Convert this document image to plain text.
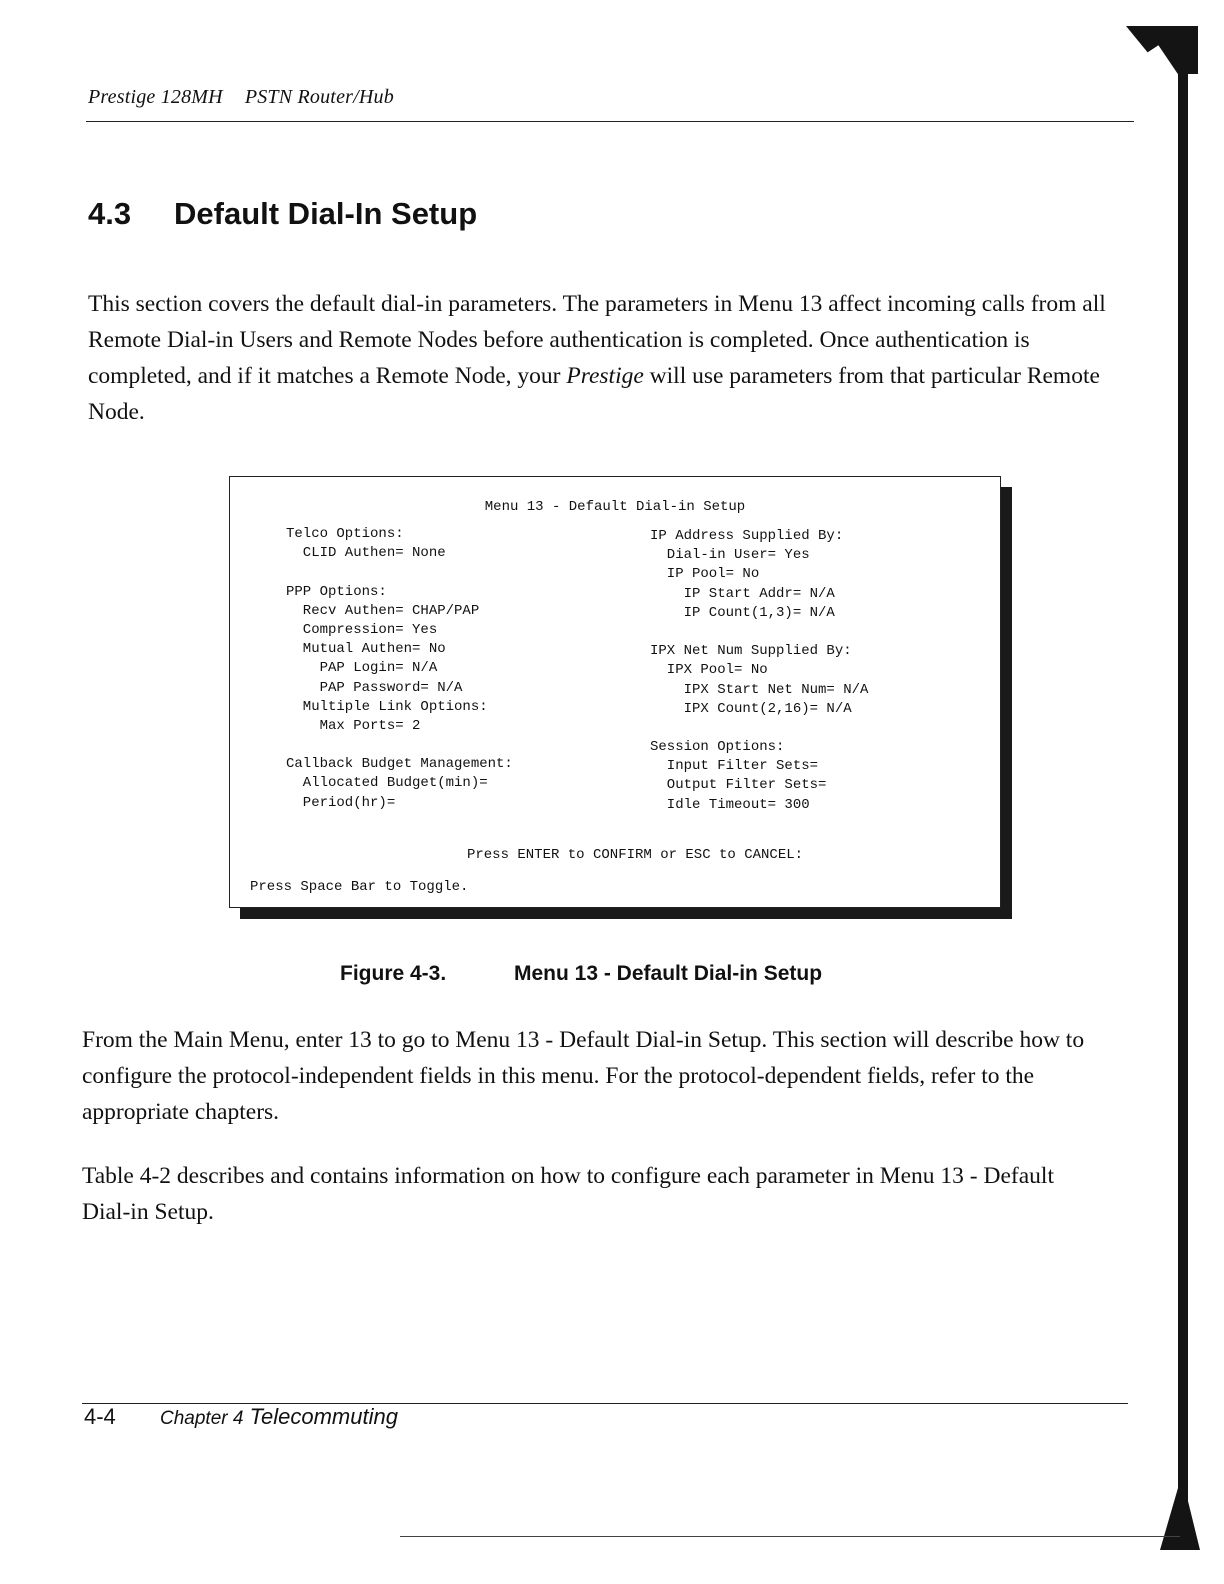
Prestige 128MH PSTN Router/Hub
4.3 Default Dial-In Setup

This section covers the default dial-in parameters. The parameters in Menu 13 affect incoming calls from all Remote Dial-in Users and Remote Nodes before authentication is completed. Once authentication is completed, and if it matches a Remote Node, your Prestige will use parameters from that particular Remote Node.

Menu 13 - Default Dial-in Setup
Telco Options:
CLID Authen= None
PPP Options:
Recv Authen= CHAP/PAP
Compression= Yes
Mutual Authen= No
PAP Login= N/A
PAP Password= N/A
Multiple Link Options:
Max Ports= 2
Callback Budget Management:
Allocated Budget(min)=
Period(hr)=
IP Address Supplied By:
Dial-in User= Yes
IP Pool= No
IP Start Addr= N/A
IP Count(1,3)= N/A
IPX Net Num Supplied By:
IPX Pool= No
IPX Start Net Num= N/A
IPX Count(2,16)= N/A
Session Options:
Input Filter Sets=
Output Filter Sets=
Idle Timeout= 300
Press ENTER to CONFIRM or ESC to CANCEL:
Press Space Bar to Toggle.

Figure 4-3.	Menu 13 - Default Dial-in Setup

From the Main Menu, enter 13 to go to Menu 13 - Default Dial-in Setup. This section will describe how to configure the protocol-independent fields in this menu. For the protocol-dependent fields, refer to the appropriate chapters.

Table 4-2 describes and contains information on how to configure each parameter in Menu 13 - Default Dial-in Setup.

4-4 Chapter 4 Telecommuting
